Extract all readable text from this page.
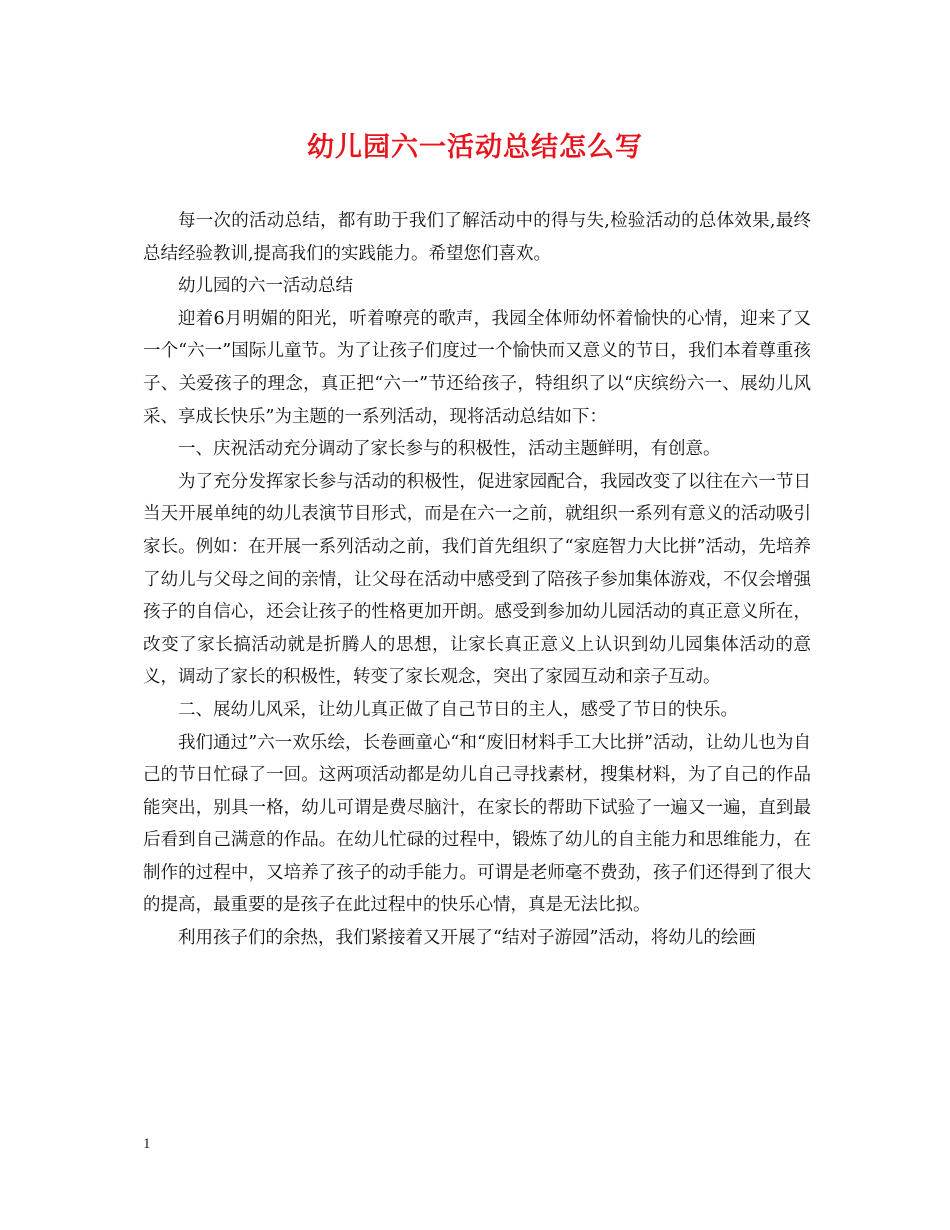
幼儿园六一活动总结怎么写

每一次的活动总结，都有助于我们了解活动中的得与失,检验活动的总体效果,最终总结经验教训,提高我们的实践能力。希望您们喜欢。

幼儿园的六一活动总结

迎着6月明媚的阳光，听着嘹亮的歌声，我园全体师幼怀着愉快的心情，迎来了又一个“六一”国际儿童节。为了让孩子们度过一个愉快而又意义的节日，我们本着尊重孩子、关爱孩子的理念，真正把“六一”节还给孩子，特组织了以“庆缤纷六一、展幼儿风采、享成长快乐”为主题的一系列活动，现将活动总结如下：

一、庆祝活动充分调动了家长参与的积极性，活动主题鲜明，有创意。

为了充分发挥家长参与活动的积极性，促进家园配合，我园改变了以往在六一节日当天开展单纯的幼儿表演节目形式，而是在六一之前，就组织一系列有意义的活动吸引家长。例如：在开展一系列活动之前，我们首先组织了“家庭智力大比拼”活动，先培养了幼儿与父母之间的亲情，让父母在活动中感受到了陪孩子参加集体游戏，不仅会增强孩子的自信心，还会让孩子的性格更加开朗。感受到参加幼儿园活动的真正意义所在，改变了家长搞活动就是折腾人的思想，让家长真正意义上认识到幼儿园集体活动的意义，调动了家长的积极性，转变了家长观念，突出了家园互动和亲子互动。

二、展幼儿风采，让幼儿真正做了自己节日的主人，感受了节日的快乐。

我们通过”六一欢乐绘，长卷画童心“和“废旧材料手工大比拼”活动，让幼儿也为自己的节日忙碌了一回。这两项活动都是幼儿自己寻找素材，搜集材料，为了自己的作品能突出，别具一格，幼儿可谓是费尽脑汁，在家长的帮助下试验了一遍又一遍，直到最后看到自己满意的作品。在幼儿忙碌的过程中，锻炼了幼儿的自主能力和思维能力，在制作的过程中，又培养了孩子的动手能力。可谓是老师毫不费劲，孩子们还得到了很大的提高，最重要的是孩子在此过程中的快乐心情，真是无法比拟。

利用孩子们的余热，我们紧接着又开展了“结对子游园”活动，将幼儿的绘画

1
